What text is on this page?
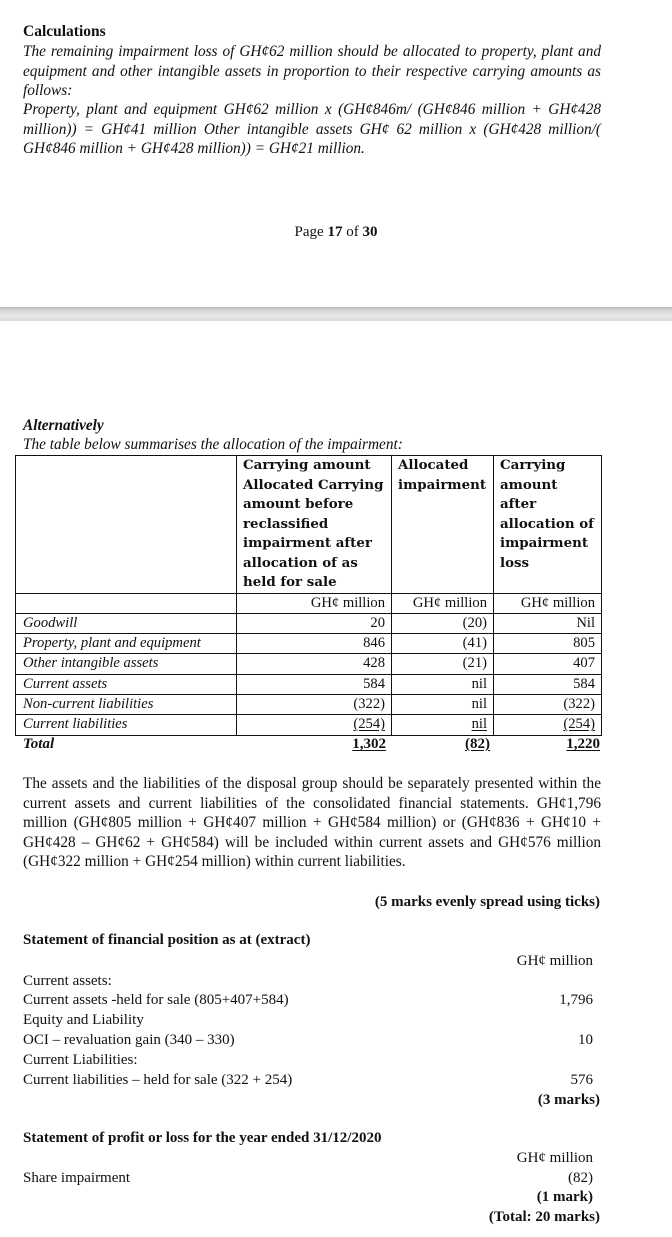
Calculations
The remaining impairment loss of GH¢62 million should be allocated to property, plant and equipment and other intangible assets in proportion to their respective carrying amounts as follows:
Property, plant and equipment GH¢62 million x (GH¢846m/ (GH¢846 million + GH¢428 million)) = GH¢41 million Other intangible assets GH¢ 62 million x (GH¢428 million/( GH¢846 million + GH¢428 million)) = GH¢21 million.
Page 17 of 30
Alternatively
The table below summarises the allocation of the impairment:
	Carrying amount Allocated Carrying amount before reclassified impairment after allocation of as held for sale	Allocated impairment	Carrying amount after allocation of impairment loss
	GH¢ million	GH¢ million	GH¢ million
Goodwill	20	(20)	Nil
Property, plant and equipment	846	(41)	805
Other intangible assets	428	(21)	407
Current assets	584	nil	584
Non-current liabilities	(322)	nil	(322)
Current liabilities	(254)	nil	(254)
Total	1,302	(82)	1,220
The assets and the liabilities of the disposal group should be separately presented within the current assets and current liabilities of the consolidated financial statements. GH¢1,796 million (GH¢805 million + GH¢407 million + GH¢584 million) or (GH¢836 + GH¢10 + GH¢428 – GH¢62 + GH¢584) will be included within current assets and GH¢576 million (GH¢322 million + GH¢254 million) within current liabilities.
(5 marks evenly spread using ticks)
Statement of financial position as at (extract)
GH¢ million
Current assets:
Current assets -held for sale (805+407+584)	1,796
Equity and Liability
OCI – revaluation gain (340 – 330)	10
Current Liabilities:
Current liabilities – held for sale (322 + 254)	576
(3 marks)
Statement of profit or loss for the year ended 31/12/2020
GH¢ million
Share impairment	(82)
(1 mark)
(Total: 20 marks)
